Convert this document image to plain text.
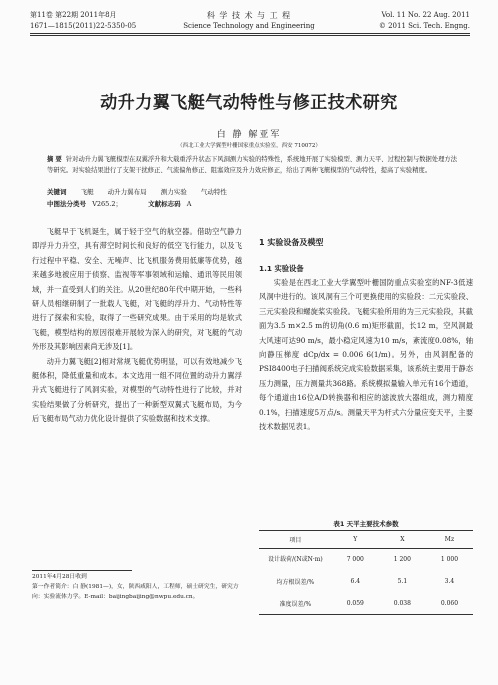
第11卷 第22期 2011年8月
1671—1815(2011)22-5350-05
科 学 技 术 与 工 程
Science Technology and Engineering
Vol. 11 No. 22 Aug. 2011
© 2011 Sci. Tech. Engng.
动升力翼飞艇气动特性与修正技术研究
白 静 解亚军
（西北工业大学翼型叶栅国家重点实验室，西安 710072）
摘 要 针对动升力翼飞艇模型在双翼浮升和大载重浮升状态下风洞测力实验的特殊性，系统地开展了实验模型、测力天平、过程控制与数据处理方法等研究。对实验结果进行了支架干扰修正、气流偏角修正、阻塞效应及升力效应修正，给出了两种飞艇模型的气动特性，提高了实验精度。
关键词 飞艇 动升力翼布局 测力实验 气动特性
中图法分类号 V265.2；	文献标志码 A

飞艇早于飞机诞生，属于轻于空气的航空器。借助空气静力即浮升力升空，具有滞空时间长和良好的低空飞行能力，以及飞行过程中平稳、安全、无噪声、比飞机服务费用低廉等优势，越来越多地被应用于侦察、监视等军事领域和运输、通讯等民用领域，并一直受到人们的关注。从20世纪80年代中期开始，一些科研人员相继研制了一批载人飞艇，对飞艇的浮升力、气动特性等进行了探索和实验，取得了一些研究成果。由于采用的均是软式飞艇，模型结构的原因很难开展较为深入的研究，对飞艇的气动外形及其影响因素尚无涉及[1]。

动升力翼飞艇[2]相对常规飞艇优势明显，可以有效地减少飞艇体积，降低重量和成本。本文选用一组不同位置的动升力翼浮升式飞艇进行了风洞实验，对模型的气动特性进行了比较，并对实验结果做了分析研究，提出了一种新型双翼式飞艇布局，为今后飞艇布局气动力优化设计提供了实验数据和技术支撑。

2011年4月28日收到
第一作者简介：白 静(1981—)，女，陕西咸阳人，工程师，硕士研究生，研究方向：实验流体力学。E-mail：baijingbaijing@nwpu.edu.cn。
1 实验设备及模型
1.1 实验设备

实验是在西北工业大学翼型叶栅国防重点实验室的NF-3低速风洞中进行的。该风洞有三个可更换使用的实验段：二元实验段、三元实验段和螺旋桨实验段。飞艇实验所用的为三元实验段，其截面为3.5 m×2.5 m的切角(0.6 m)矩形截面，长12 m，空风洞最大风速可达90 m/s，最小稳定风速为10 m/s，紊流度0.08%，轴向静压梯度 dCp/dx = 0.006 6(1/m)。另外，由风洞配备的PSI8400电子扫描阀系统完成实验数据采集，该系统主要用于静态压力测量，压力测量共368路。系统模拟量输入单元有16个通道，每个通道由16位A/D转换器和相应的滤波放大器组成，测力精度0.1%，扫描速度5万点/s。测量天平为杆式六分量应变天平，主要技术数据见表1。

表1 天平主要技术参数
项目	Y	X	Mz
设计载荷/(N或N·m)	7 000	1 200	1 000
均方根误差/%	6.4	5.1	3.4
准度误差/%	0.059	0.038	0.060
